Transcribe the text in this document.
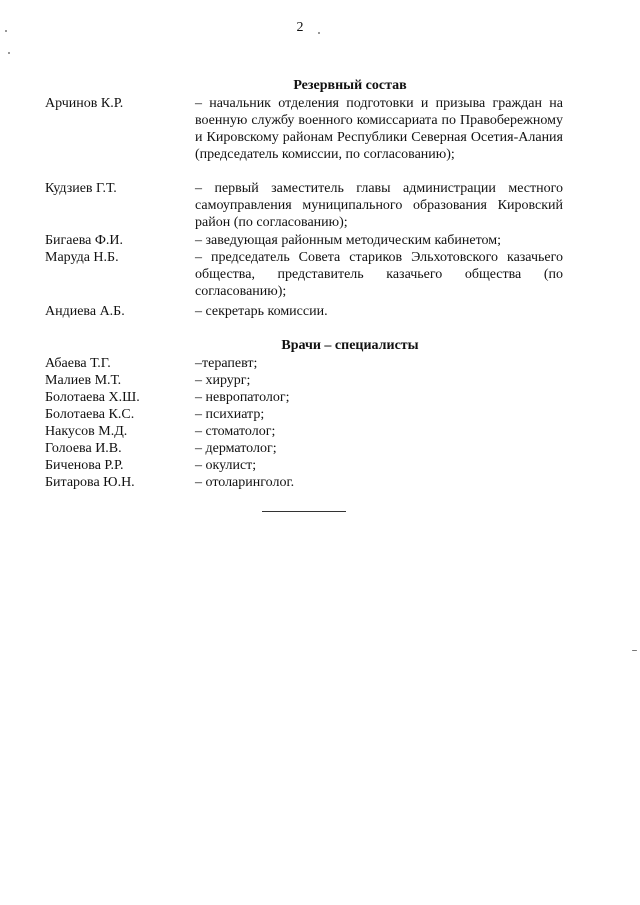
2
Резервный состав
Арчинов К.Р.	– начальник отделения подготовки и призыва граждан на военную службу военного комиссариата по Правобережному и Кировскому районам Республики Северная Осетия-Алания (председатель комиссии, по согласованию);
Кудзиев Г.Т.	– первый заместитель главы администрации местного самоуправления муниципального образования Кировский район (по согласованию);
Бигаева Ф.И.	– заведующая районным методическим кабинетом;
Маруда Н.Б.	– председатель Совета стариков Эльхотовского казачьего общества, представитель казачьего общества (по согласованию);
Андиева А.Б.	– секретарь комиссии.
Врачи – специалисты
Абаева Т.Г.	–терапевт;
Малиев М.Т.	– хирург;
Болотаева Х.Ш.	– невропатолог;
Болотаева К.С.	– психиатр;
Накусов М.Д.	– стоматолог;
Голоева И.В.	– дерматолог;
Биченова Р.Р.	– окулист;
Битарова Ю.Н.	– отоларинголог.
